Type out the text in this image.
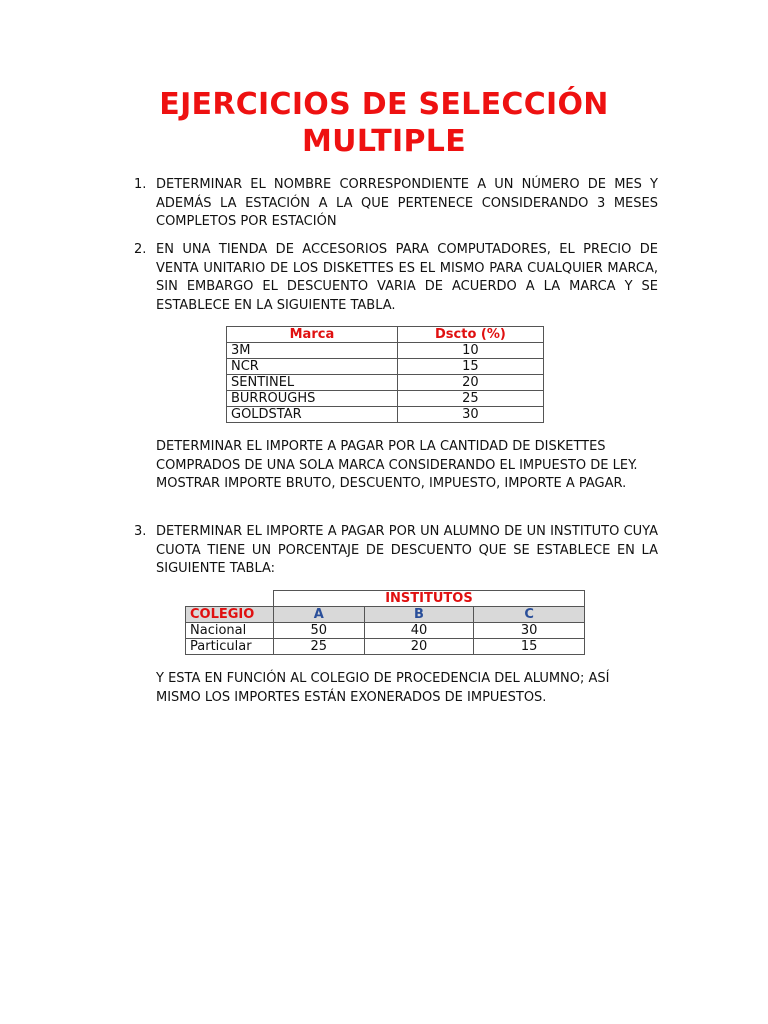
EJERCICIOS DE SELECCIÓN
MULTIPLE
1. DETERMINAR EL NOMBRE CORRESPONDIENTE A UN NÚMERO DE MES Y ADEMÁS LA ESTACIÓN A LA QUE PERTENECE CONSIDERANDO 3 MESES COMPLETOS POR ESTACIÓN
2. EN UNA TIENDA DE ACCESORIOS PARA COMPUTADORES, EL PRECIO DE VENTA UNITARIO DE LOS DISKETTES ES EL MISMO PARA CUALQUIER MARCA, SIN EMBARGO EL DESCUENTO VARIA DE ACUERDO A LA MARCA Y SE ESTABLECE EN LA SIGUIENTE TABLA.
Marca	Dscto (%)
3M	10
NCR	15
SENTINEL	20
BURROUGHS	25
GOLDSTAR	30
DETERMINAR EL IMPORTE A PAGAR POR LA CANTIDAD DE DISKETTES COMPRADOS DE UNA SOLA MARCA CONSIDERANDO EL IMPUESTO DE LEY. MOSTRAR IMPORTE BRUTO, DESCUENTO, IMPUESTO, IMPORTE A PAGAR.
3. DETERMINAR EL IMPORTE A PAGAR POR UN ALUMNO DE UN INSTITUTO CUYA CUOTA TIENE UN PORCENTAJE DE DESCUENTO QUE SE ESTABLECE EN LA SIGUIENTE TABLA:
	INSTITUTOS		
COLEGIO	A	B	C
Nacional	50	40	30
Particular	25	20	15
Y ESTA EN FUNCIÓN AL COLEGIO DE PROCEDENCIA DEL ALUMNO; ASÍ MISMO LOS IMPORTES ESTÁN EXONERADOS DE IMPUESTOS.
